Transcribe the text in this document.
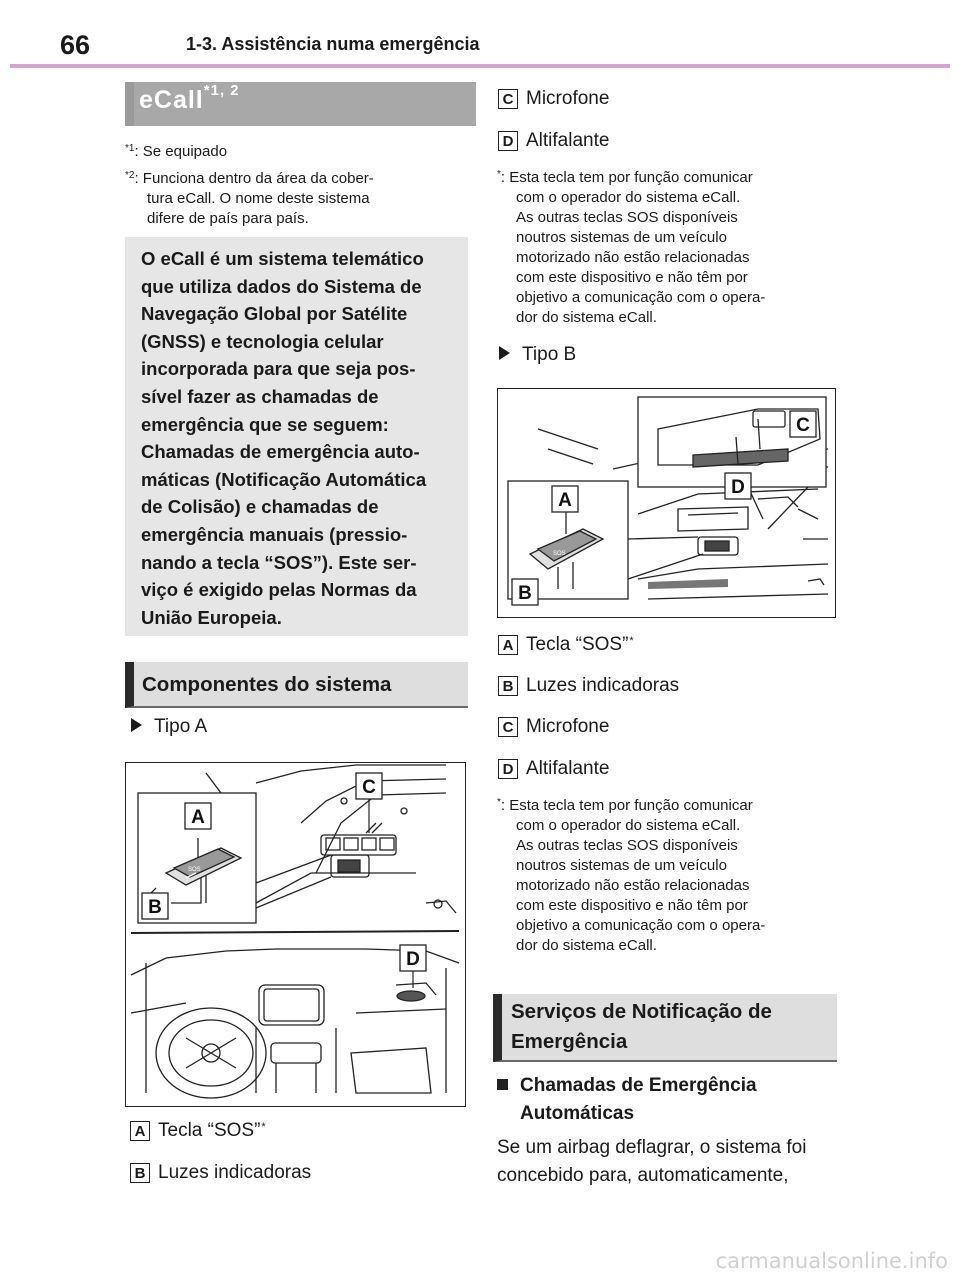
66	1-3. Assistência numa emergência
eCall$^{*1, 2}$
$^{*1}$: Se equipado
$^{*2}$: Funciona dentro da área da cober-
tura eCall. O nome deste sistema
difere de país para país.

O eCall é um sistema telemático

que utiliza dados do Sistema de

Navegação Global por Satélite

(GNSS) e tecnologia celular

incorporada para que seja pos-

sível fazer as chamadas de

emergência que se seguem:

Chamadas de emergência auto-

máticas (Notificação Automática

de Colisão) e chamadas de

emergência manuais (pressio-

nando a tecla “SOS”). Este ser-

viço é exigido pelas Normas da

União Europeia.

Componentes do sistema
Tipo A
A
B
C
D
SOS
A Tecla “SOS”*
B Luzes indicadoras
C Microfone
D Altifalante
*: Esta tecla tem por função comunicar
com o operador do sistema eCall.
As outras teclas SOS disponíveis
noutros sistemas de um veículo
motorizado não estão relacionadas
com este dispositivo e não têm por
objetivo a comunicação com o opera-
dor do sistema eCall.
Tipo B
A
B
C
D
SOS
A Tecla “SOS”*
B Luzes indicadoras
C Microfone
D Altifalante
*: Esta tecla tem por função comunicar
com o operador do sistema eCall.
As outras teclas SOS disponíveis
noutros sistemas de um veículo
motorizado não estão relacionadas
com este dispositivo e não têm por
objetivo a comunicação com o opera-
dor do sistema eCall.
Serviços de Notificação de
Emergência
Chamadas de Emergência
Automáticas
Se um airbag deflagrar, o sistema foi
concebido para, automaticamente,
carmanualsonline.info
